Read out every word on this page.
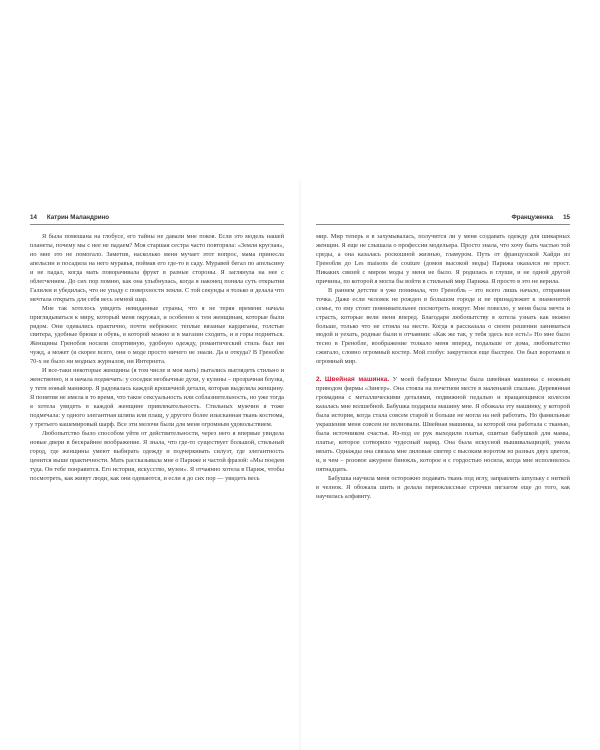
14 Катрин Маландрино

Я была помешана на глобусе, его тайны не давали мне покоя. Если это модель нашей планеты, почему мы с нее не падаем? Моя старшая сестра часто повторяла: «Земля круглая», но мне это не помогало. Заметив, насколько меня мучает этот вопрос, мама принесла апельсин и посадила на него муравья, поймав его где-то в саду. Муравей бегал по апельсину и не падал, когда мать поворачивала фрукт в разные стороны. Я заглянула на нее с облегчением. До сих пор помню, как она улыбнулась, когда я наконец поняла суть открытия Галилея и убедилась, что не упаду с поверхности земли. С той секунды я только и делала что мечтала открыть для себя весь земной шар.

Мне так хотелось увидеть невиданные страны, что я не теряя времени начала приглядываться к миру, который меня окружал, и особенно к тем женщинам, которые были рядом. Они одевались практично, почти небрежно: теплые вязаные кардиганы, толстые свитера, удобные брюки и обувь, в которой можно и в магазин сходить, и в горы подняться. Женщины Гренобля носили спортивную, удобную одежду, романтический стиль был им чужд, а может (я скорее всего, они о моде просто ничего не знали. Да и откуда? В Гренобле 70-х не было ни модных журналов, ни Интернета.

И все-таки некоторые женщины (я том числе и моя мать) пытались выглядеть стильно и женственно, и я начала подмечать: у соседки необычные духи, у кузины – прозрачная блузка, у тети новый маникюр. Я радовалась каждой крошечной детали, которая выделяла женщину. Я понятия не имела в то время, что такое сексуальность или соблазнительность, но уже тогда я хотела увидеть в каждой женщине привлекательность. Стильных мужчин я тоже подмечала: у одного элегантная шляпа или плащ, у другого более изысканная ткань костюма, у третьего кашемировый шарф. Все эти мелочи были для меня огромным удовольствием.

Любопытство было способом уйти от действительности, через него я впервые увидела новые двери в бескрайнее воображение. Я знала, что где-то существует большой, стильный город, где женщины умеют выбирать одежду и подчеркивать силуэт, где элегантность ценится выше практичности. Мать рассказывала мне о Париже и частой фразой: «Мы поедем туда. Он тебе понравится. Его история, искусство, музеи». Я отчаянно хотела в Париж, чтобы посмотреть, как живут люди, как они одеваются, и если я до сих пор — увидеть весь

Француженка 15

мир. Мир теперь я в захумывалась, получится ли у меня создавать одежду для шикарных женщин. Я еще не слышала о профессии модельера. Просто знала, что хочу быть частью той среды, а она казалась роскошной жизнью, гламуром. Путь от французской Хайди из Гренобля до Les maisons de couture (домов высокой моды) Парижа оказался не прост. Никаких связей с миром моды у меня не было. Я родилась в глуши, и не одной другой причины, по которой я могла бы войти в стильный мир Парижа. Я просто в это не верила.

В раннем детстве я уже понимала, что Гренобль – это всего лишь начало, отправная точка. Даже если человек не рожден в большом городе и не принадлежит к знаменитой семье, то ему стоит повнимательнее посмотреть вокруг. Мне повезло, у меня была мечта и страсть, которые вели меня вперед. Благодаря любопытству я хотела узнать как можно больше, только что не стояла на месте. Когда я рассказала о своем решении заниматься модой и уехать, родные были в отчаянии: «Как же так, у тебя здесь все есть!» Но мне было тесно в Гренобле, воображение толкало меня вперед, подальше от дома, любопытство сжигало, словно огромный костер. Мой глобус закрутился еще быстрее. Он был воротами в огромный мир.

2. Швейная машинка. У моей бабушки Минузы была швейная машинка с ножным приводом фирмы «Зингер». Она стояла на почетном месте в маленькой спальне. Деревянная громадина с металлическими деталями, подвижной педалью и вращающимся колесом казалась мне волшебной. Бабушка подарила машину мне. Я обожала эту машинку, у которой была история, когда стала совсем старой и больше не могла на ней работать. Но фамильные украшения меня совсем не волновали. Швейная машинка, за которой она работала с тканью, была источником счастья. Из-под ее рук выходили платья, сшитые бабушкой для мамы, платье, которое сотворило чудесный наряд. Она была искусной вышивальщицей, умела вязать. Однажды она связала мне лиловые свитер с высоким воротом из разных двух цветов, и, в чем – розовое ажурное бинокль, которое я с гордостью носила, когда мне исполнилось пятнадцать.

Бабушка научила меня осторожно подавать ткань под иглу, заправлять шпульку с ниткой в челнок. Я обожала шить и делала первоклассные строчки зигзагом еще до того, как научилась алфавиту.
